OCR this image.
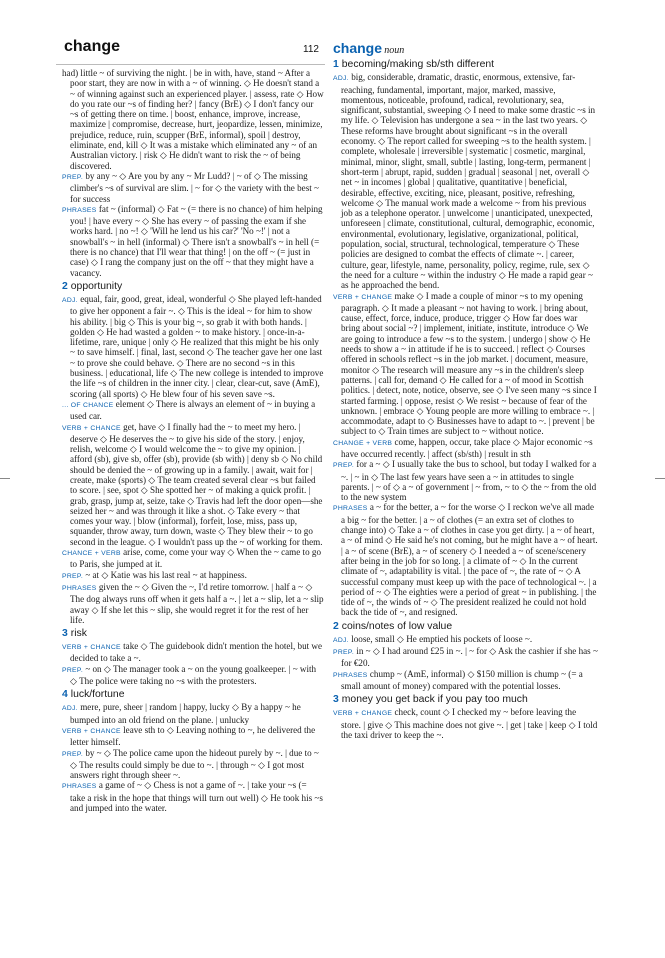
change	112
had) little ~ of surviving the night. | be in with, have, stand ~ After a poor start, they are now in with a ~ of winning. ◇ He doesn't stand a ~ of winning against such an experienced player. | assess, rate ◇ How do you rate our ~s of finding her? | fancy (BrE) ◇ I don't fancy our ~s of getting there on time. | boost, enhance, improve, increase, maximize | compromise, decrease, hurt, jeopardize, lessen, minimize, prejudice, reduce, ruin, scupper (BrE, informal), spoil | destroy, eliminate, end, kill ◇ It was a mistake which eliminated any ~ of an Australian victory. | risk ◇ He didn't want to risk the ~ of being discovered.
PREP. by any ~ ◇ Are you by any ~ Mr Ludd? | ~ of ◇ The missing climber's ~s of survival are slim. | ~ for ◇ the variety with the best ~ for success
PHRASES fat ~ (informal) ◇ Fat ~ (= there is no chance) of him helping you! | have every ~ ◇ She has every ~ of passing the exam if she works hard. | no ~! ◇ 'Will he lend us his car?' 'No ~!' | not a snowball's ~ in hell (informal) ◇ There isn't a snowball's ~ in hell (= there is no chance) that I'll wear that thing! | on the off ~ (= just in case) ◇ I rang the company just on the off ~ that they might have a vacancy.
2 opportunity
ADJ. equal, fair, good, great, ideal, wonderful ◇ She played left-handed to give her opponent a fair ~. ◇ This is the ideal ~ for him to show his ability. | big ◇ This is your big ~, so grab it with both hands. | golden ◇ He had wasted a golden ~ to make history. | once-in-a-lifetime, rare, unique | only ◇ He realized that this might be his only ~ to save himself. | final, last, second ◇ The teacher gave her one last ~ to prove she could behave. ◇ There are no second ~s in this business. | educational, life ◇ The new college is intended to improve the life ~s of children in the inner city. | clear, clear-cut, save (AmE), scoring (all sports) ◇ He blew four of his seven save ~s.
... OF CHANCE element ◇ There is always an element of ~ in buying a used car.
VERB + CHANCE get, have ◇ I finally had the ~ to meet my hero. | deserve ◇ He deserves the ~ to give his side of the story. | enjoy, relish, welcome ◇ I would welcome the ~ to give my opinion. | afford (sb), give sb, offer (sb), provide (sb with) | deny sb ◇ No child should be denied the ~ of growing up in a family. | await, wait for | create, make (sports) ◇ The team created several clear ~s but failed to score. | see, spot ◇ She spotted her ~ of making a quick profit. | grab, grasp, jump at, seize, take ◇ Travis had left the door open—she seized her ~ and was through it like a shot. ◇ Take every ~ that comes your way. | blow (informal), forfeit, lose, miss, pass up, squander, throw away, turn down, waste ◇ They blew their ~ to go second in the league. ◇ I wouldn't pass up the ~ of working for them.
CHANCE + VERB arise, come, come your way ◇ When the ~ came to go to Paris, she jumped at it.
PREP. ~ at ◇ Katie was his last real ~ at happiness.
PHRASES given the ~ ◇ Given the ~, I'd retire tomorrow. | half a ~ ◇ The dog always runs off when it gets half a ~. | let a ~ slip, let a ~ slip away ◇ If she let this ~ slip, she would regret it for the rest of her life.
3 risk
VERB + CHANCE take ◇ The guidebook didn't mention the hotel, but we decided to take a ~.
PREP. ~ on ◇ The manager took a ~ on the young goalkeeper. | ~ with ◇ The police were taking no ~s with the protesters.
4 luck/fortune
ADJ. mere, pure, sheer | random | happy, lucky ◇ By a happy ~ he bumped into an old friend on the plane. | unlucky
VERB + CHANCE leave sth to ◇ Leaving nothing to ~, he delivered the letter himself.
PREP. by ~ ◇ The police came upon the hideout purely by ~. | due to ~ ◇ The results could simply be due to ~. | through ~ ◇ I got most answers right through sheer ~.
PHRASES a game of ~ ◇ Chess is not a game of ~. | take your ~s (= take a risk in the hope that things will turn out well) ◇ He took his ~s and jumped into the water.
change noun
1 becoming/making sb/sth different
ADJ. big, considerable, dramatic, drastic, enormous, extensive, far-reaching, fundamental, important, major, marked, massive, momentous, noticeable, profound, radical, revolutionary, sea, significant, substantial, sweeping ◇ I need to make some drastic ~s in my life. ◇ Television has undergone a sea ~ in the last two years. ◇ These reforms have brought about significant ~s in the overall economy. ◇ The report called for sweeping ~s to the health system. | complete, wholesale | irreversible | systematic | cosmetic, marginal, minimal, minor, slight, small, subtle | lasting, long-term, permanent | short-term | abrupt, rapid, sudden | gradual | seasonal | net, overall ◇ net ~ in incomes | global | qualitative, quantitative | beneficial, desirable, effective, exciting, nice, pleasant, positive, refreshing, welcome ◇ The manual work made a welcome ~ from his previous job as a telephone operator. | unwelcome | unanticipated, unexpected, unforeseen | climate, constitutional, cultural, demographic, economic, environmental, evolutionary, legislative, organizational, political, population, social, structural, technological, temperature ◇ These policies are designed to combat the effects of climate ~. | career, culture, gear, lifestyle, name, personality, policy, regime, rule, sex ◇ the need for a culture ~ within the industry ◇ He made a rapid gear ~ as he approached the bend.
VERB + CHANGE make ◇ I made a couple of minor ~s to my opening paragraph. ◇ It made a pleasant ~ not having to work. | bring about, cause, effect, force, induce, produce, trigger ◇ How far does war bring about social ~? | implement, initiate, institute, introduce ◇ We are going to introduce a few ~s to the system. | undergo | show ◇ He needs to show a ~ in attitude if he is to succeed. | reflect ◇ Courses offered in schools reflect ~s in the job market. | document, measure, monitor ◇ The research will measure any ~s in the children's sleep patterns. | call for, demand ◇ He called for a ~ of mood in Scottish politics. | detect, note, notice, observe, see ◇ I've seen many ~s since I started farming. | oppose, resist ◇ We resist ~ because of fear of the unknown. | embrace ◇ Young people are more willing to embrace ~. | accommodate, adapt to ◇ Businesses have to adapt to ~. | prevent | be subject to ◇ Train times are subject to ~ without notice.
CHANGE + VERB come, happen, occur, take place ◇ Major economic ~s have occurred recently. | affect (sb/sth) | result in sth
PREP. for a ~ ◇ I usually take the bus to school, but today I walked for a ~. | ~ in ◇ The last few years have seen a ~ in attitudes to single parents. | ~ of ◇ a ~ of government | ~ from, ~ to ◇ the ~ from the old to the new system
PHRASES a ~ for the better, a ~ for the worse ◇ I reckon we've all made a big ~ for the better. | a ~ of clothes (= an extra set of clothes to change into) ◇ Take a ~ of clothes in case you get dirty. | a ~ of heart, a ~ of mind ◇ He said he's not coming, but he might have a ~ of heart. | a ~ of scene (BrE), a ~ of scenery ◇ I needed a ~ of scene/scenery after being in the job for so long. | a climate of ~ ◇ In the current climate of ~, adaptability is vital. | the pace of ~, the rate of ~ ◇ A successful company must keep up with the pace of technological ~. | a period of ~ ◇ The eighties were a period of great ~ in publishing. | the tide of ~, the winds of ~ ◇ The president realized he could not hold back the tide of ~, and resigned.
2 coins/notes of low value
ADJ. loose, small ◇ He emptied his pockets of loose ~.
PREP. in ~ ◇ I had around £25 in ~. | ~ for ◇ Ask the cashier if she has ~ for €20.
PHRASES chump ~ (AmE, informal) ◇ $150 million is chump ~ (= a small amount of money) compared with the potential losses.
3 money you get back if you pay too much
VERB + CHANGE check, count ◇ I checked my ~ before leaving the store. | give ◇ This machine does not give ~. | get | take | keep ◇ I told the taxi driver to keep the ~.
